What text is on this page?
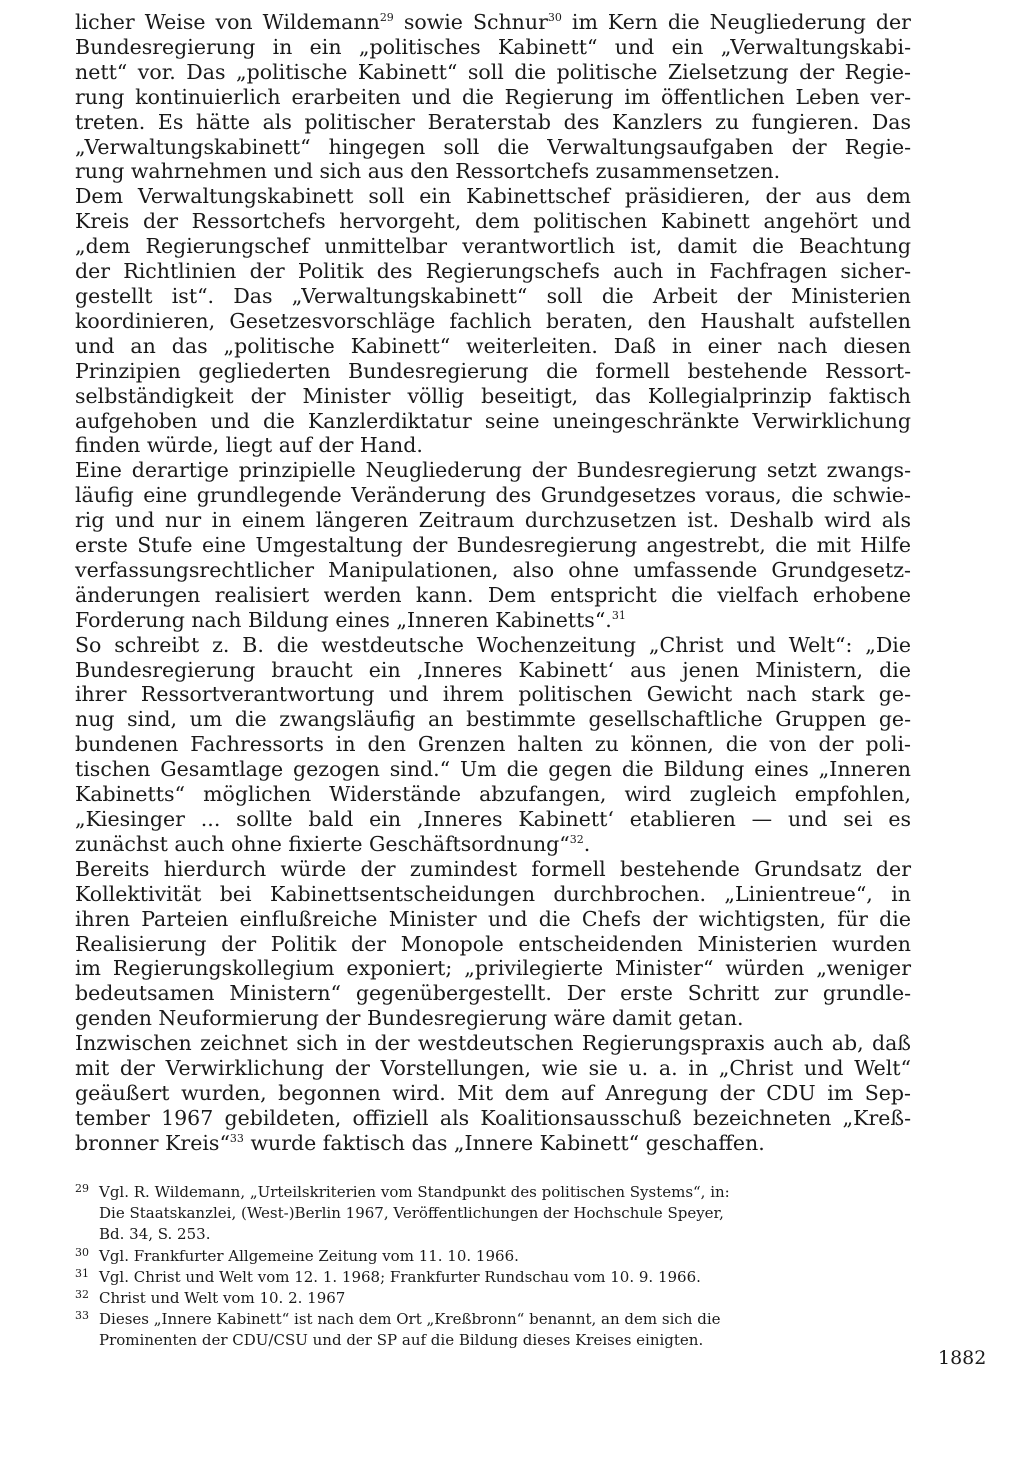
licher Weise von Wildemann$^{29}$ sowie Schnur$^{30}$ im Kern die Neugliederung der
Bundesregierung in ein „politisches Kabinett“ und ein „Verwaltungskabi-
nett“ vor. Das „politische Kabinett“ soll die politische Zielsetzung der Regie-
rung kontinuierlich erarbeiten und die Regierung im öffentlichen Leben ver-
treten. Es hätte als politischer Beraterstab des Kanzlers zu fungieren. Das
„Verwaltungskabinett“ hingegen soll die Verwaltungsaufgaben der Regie-
rung wahrnehmen und sich aus den Ressortchefs zusammensetzen.

Dem Verwaltungskabinett soll ein Kabinettschef präsidieren, der aus dem
Kreis der Ressortchefs hervorgeht, dem politischen Kabinett angehört und
„dem Regierungschef unmittelbar verantwortlich ist, damit die Beachtung
der Richtlinien der Politik des Regierungschefs auch in Fachfragen sicher-
gestellt ist“. Das „Verwaltungskabinett“ soll die Arbeit der Ministerien
koordinieren, Gesetzesvorschläge fachlich beraten, den Haushalt aufstellen
und an das „politische Kabinett“ weiterleiten. Daß in einer nach diesen
Prinzipien gegliederten Bundesregierung die formell bestehende Ressort-
selbständigkeit der Minister völlig beseitigt, das Kollegialprinzip faktisch
aufgehoben und die Kanzlerdiktatur seine uneingeschränkte Verwirklichung
finden würde, liegt auf der Hand.

Eine derartige prinzipielle Neugliederung der Bundesregierung setzt zwangs-
läufig eine grundlegende Veränderung des Grundgesetzes voraus, die schwie-
rig und nur in einem längeren Zeitraum durchzusetzen ist. Deshalb wird als
erste Stufe eine Umgestaltung der Bundesregierung angestrebt, die mit Hilfe
verfassungsrechtlicher Manipulationen, also ohne umfassende Grundgesetz-
änderungen realisiert werden kann. Dem entspricht die vielfach erhobene
Forderung nach Bildung eines „Inneren Kabinetts“.$^{31}$

So schreibt z. B. die westdeutsche Wochenzeitung „Christ und Welt“: „Die
Bundesregierung braucht ein ‚Inneres Kabinett‘ aus jenen Ministern, die
ihrer Ressortverantwortung und ihrem politischen Gewicht nach stark ge-
nug sind, um die zwangsläufig an bestimmte gesellschaftliche Gruppen ge-
bundenen Fachressorts in den Grenzen halten zu können, die von der poli-
tischen Gesamtlage gezogen sind.“ Um die gegen die Bildung eines „Inneren
Kabinetts“ möglichen Widerstände abzufangen, wird zugleich empfohlen,
„Kiesinger ... sollte bald ein ‚Inneres Kabinett‘ etablieren — und sei es
zunächst auch ohne fixierte Geschäftsordnung“$^{32}$.

Bereits hierdurch würde der zumindest formell bestehende Grundsatz der
Kollektivität bei Kabinettsentscheidungen durchbrochen. „Linientreue“, in
ihren Parteien einflußreiche Minister und die Chefs der wichtigsten, für die
Realisierung der Politik der Monopole entscheidenden Ministerien wurden
im Regierungskollegium exponiert; „privilegierte Minister“ würden „weniger
bedeutsamen Ministern“ gegenübergestellt. Der erste Schritt zur grundle-
genden Neuformierung der Bundesregierung wäre damit getan.

Inzwischen zeichnet sich in der westdeutschen Regierungspraxis auch ab, daß
mit der Verwirklichung der Vorstellungen, wie sie u. a. in „Christ und Welt“
geäußert wurden, begonnen wird. Mit dem auf Anregung der CDU im Sep-
tember 1967 gebildeten, offiziell als Koalitionsausschuß bezeichneten „Kreß-
bronner Kreis“$^{33}$ wurde faktisch das „Innere Kabinett“ geschaffen.

29 Vgl. R. Wildemann, „Urteilskriterien vom Standpunkt des politischen Systems“, in:
Die Staatskanzlei, (West-)Berlin 1967, Veröffentlichungen der Hochschule Speyer,
Bd. 34, S. 253.
30 Vgl. Frankfurter Allgemeine Zeitung vom 11. 10. 1966.
31 Vgl. Christ und Welt vom 12. 1. 1968; Frankfurter Rundschau vom 10. 9. 1966.
32 Christ und Welt vom 10. 2. 1967
33 Dieses „Innere Kabinett“ ist nach dem Ort „Kreßbronn“ benannt, an dem sich die
Prominenten der CDU/CSU und der SP auf die Bildung dieses Kreises einigten.
1882
